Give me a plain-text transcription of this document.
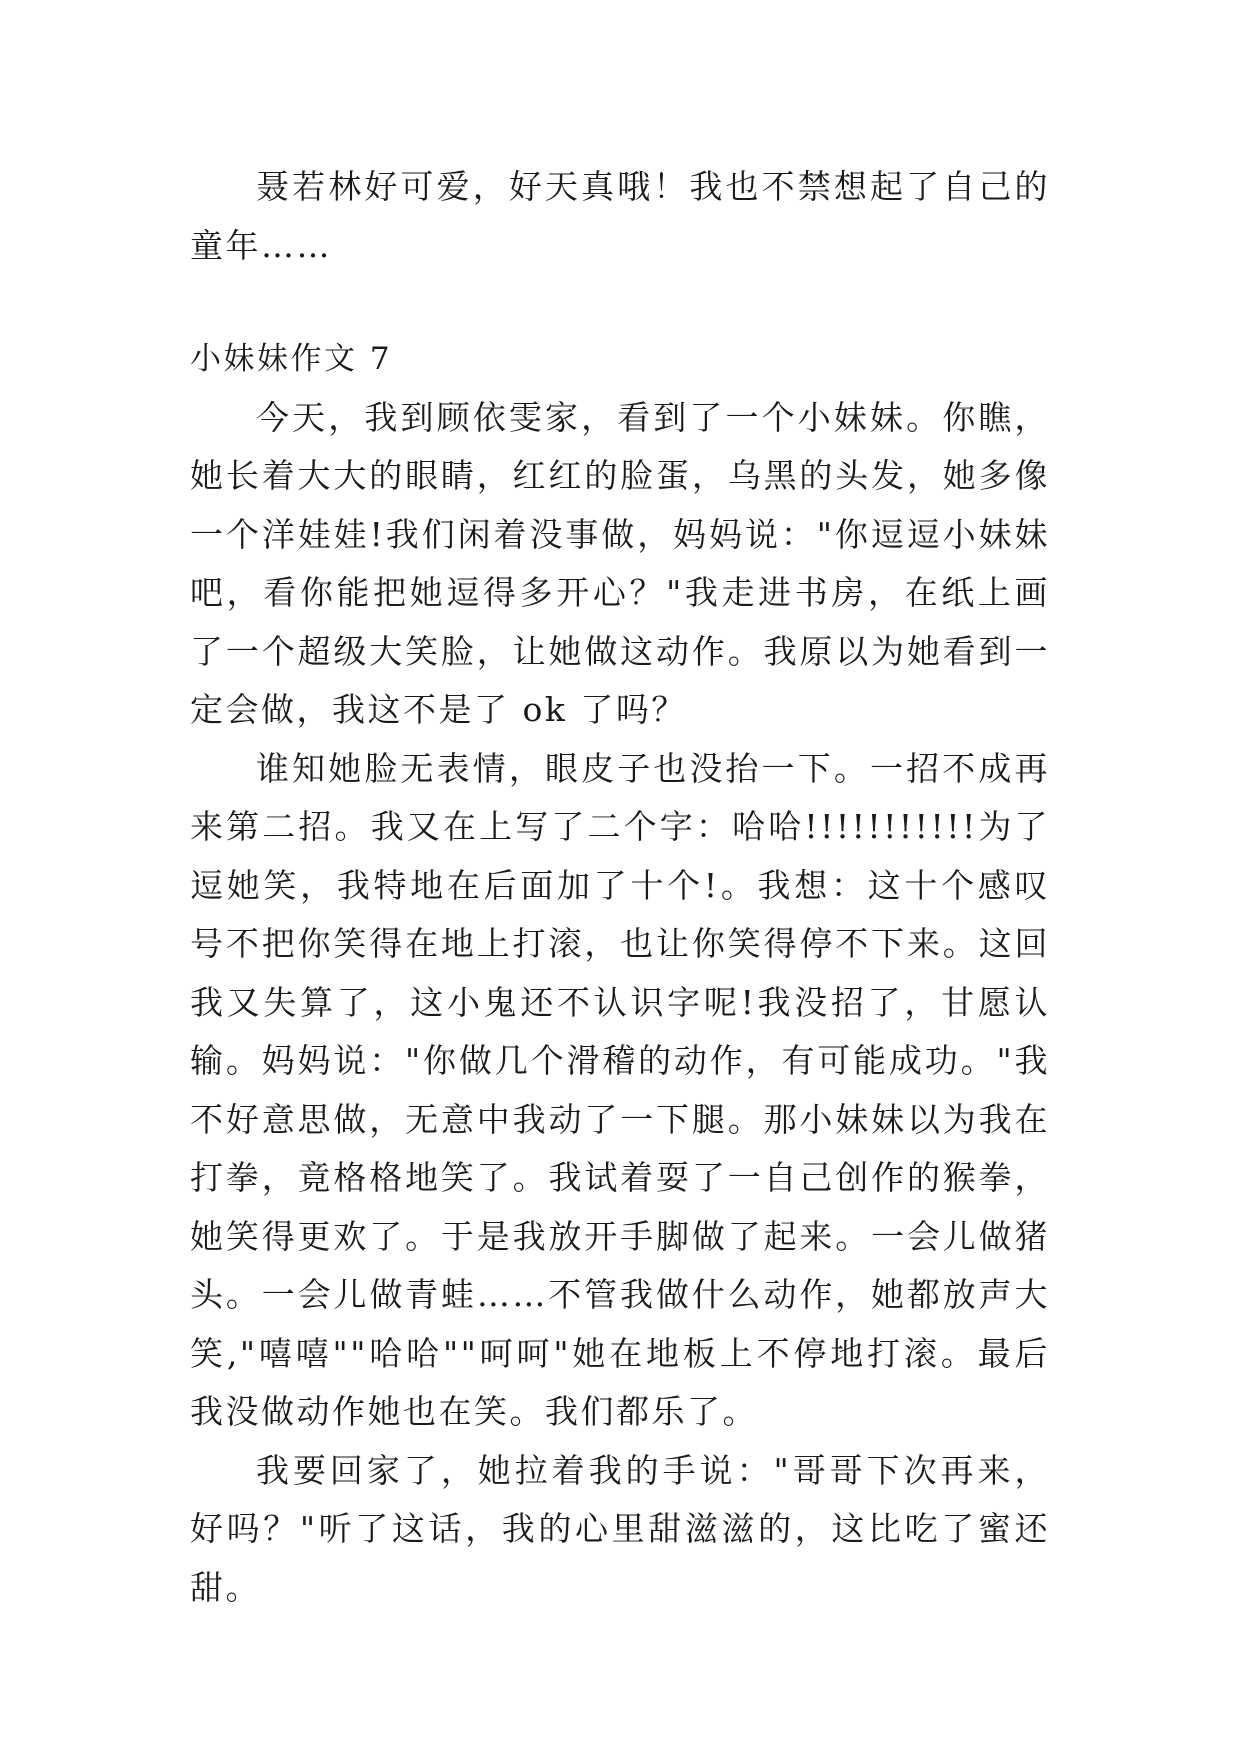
聂若林好可爱，好天真哦！我也不禁想起了自己的童年……

小妹妹作文 7

今天，我到顾依雯家，看到了一个小妹妹。你瞧，她长着大大的眼睛，红红的脸蛋，乌黑的头发，她多像一个洋娃娃!我们闲着没事做，妈妈说："你逗逗小妹妹吧，看你能把她逗得多开心？"我走进书房，在纸上画了一个超级大笑脸，让她做这动作。我原以为她看到一定会做，我这不是了 ok 了吗？

谁知她脸无表情，眼皮子也没抬一下。一招不成再来第二招。我又在上写了二个字：哈哈!!!!!!!!!!!为了逗她笑，我特地在后面加了十个!。我想：这十个感叹号不把你笑得在地上打滚，也让你笑得停不下来。这回我又失算了，这小鬼还不认识字呢!我没招了，甘愿认输。妈妈说："你做几个滑稽的动作，有可能成功。"我不好意思做，无意中我动了一下腿。那小妹妹以为我在打拳，竟格格地笑了。我试着耍了一自己创作的猴拳，她笑得更欢了。于是我放开手脚做了起来。一会儿做猪头。一会儿做青蛙……不管我做什么动作，她都放声大笑,"嘻嘻""哈哈""呵呵"她在地板上不停地打滚。最后我没做动作她也在笑。我们都乐了。

我要回家了，她拉着我的手说："哥哥下次再来，好吗？"听了这话，我的心里甜滋滋的，这比吃了蜜还甜。
